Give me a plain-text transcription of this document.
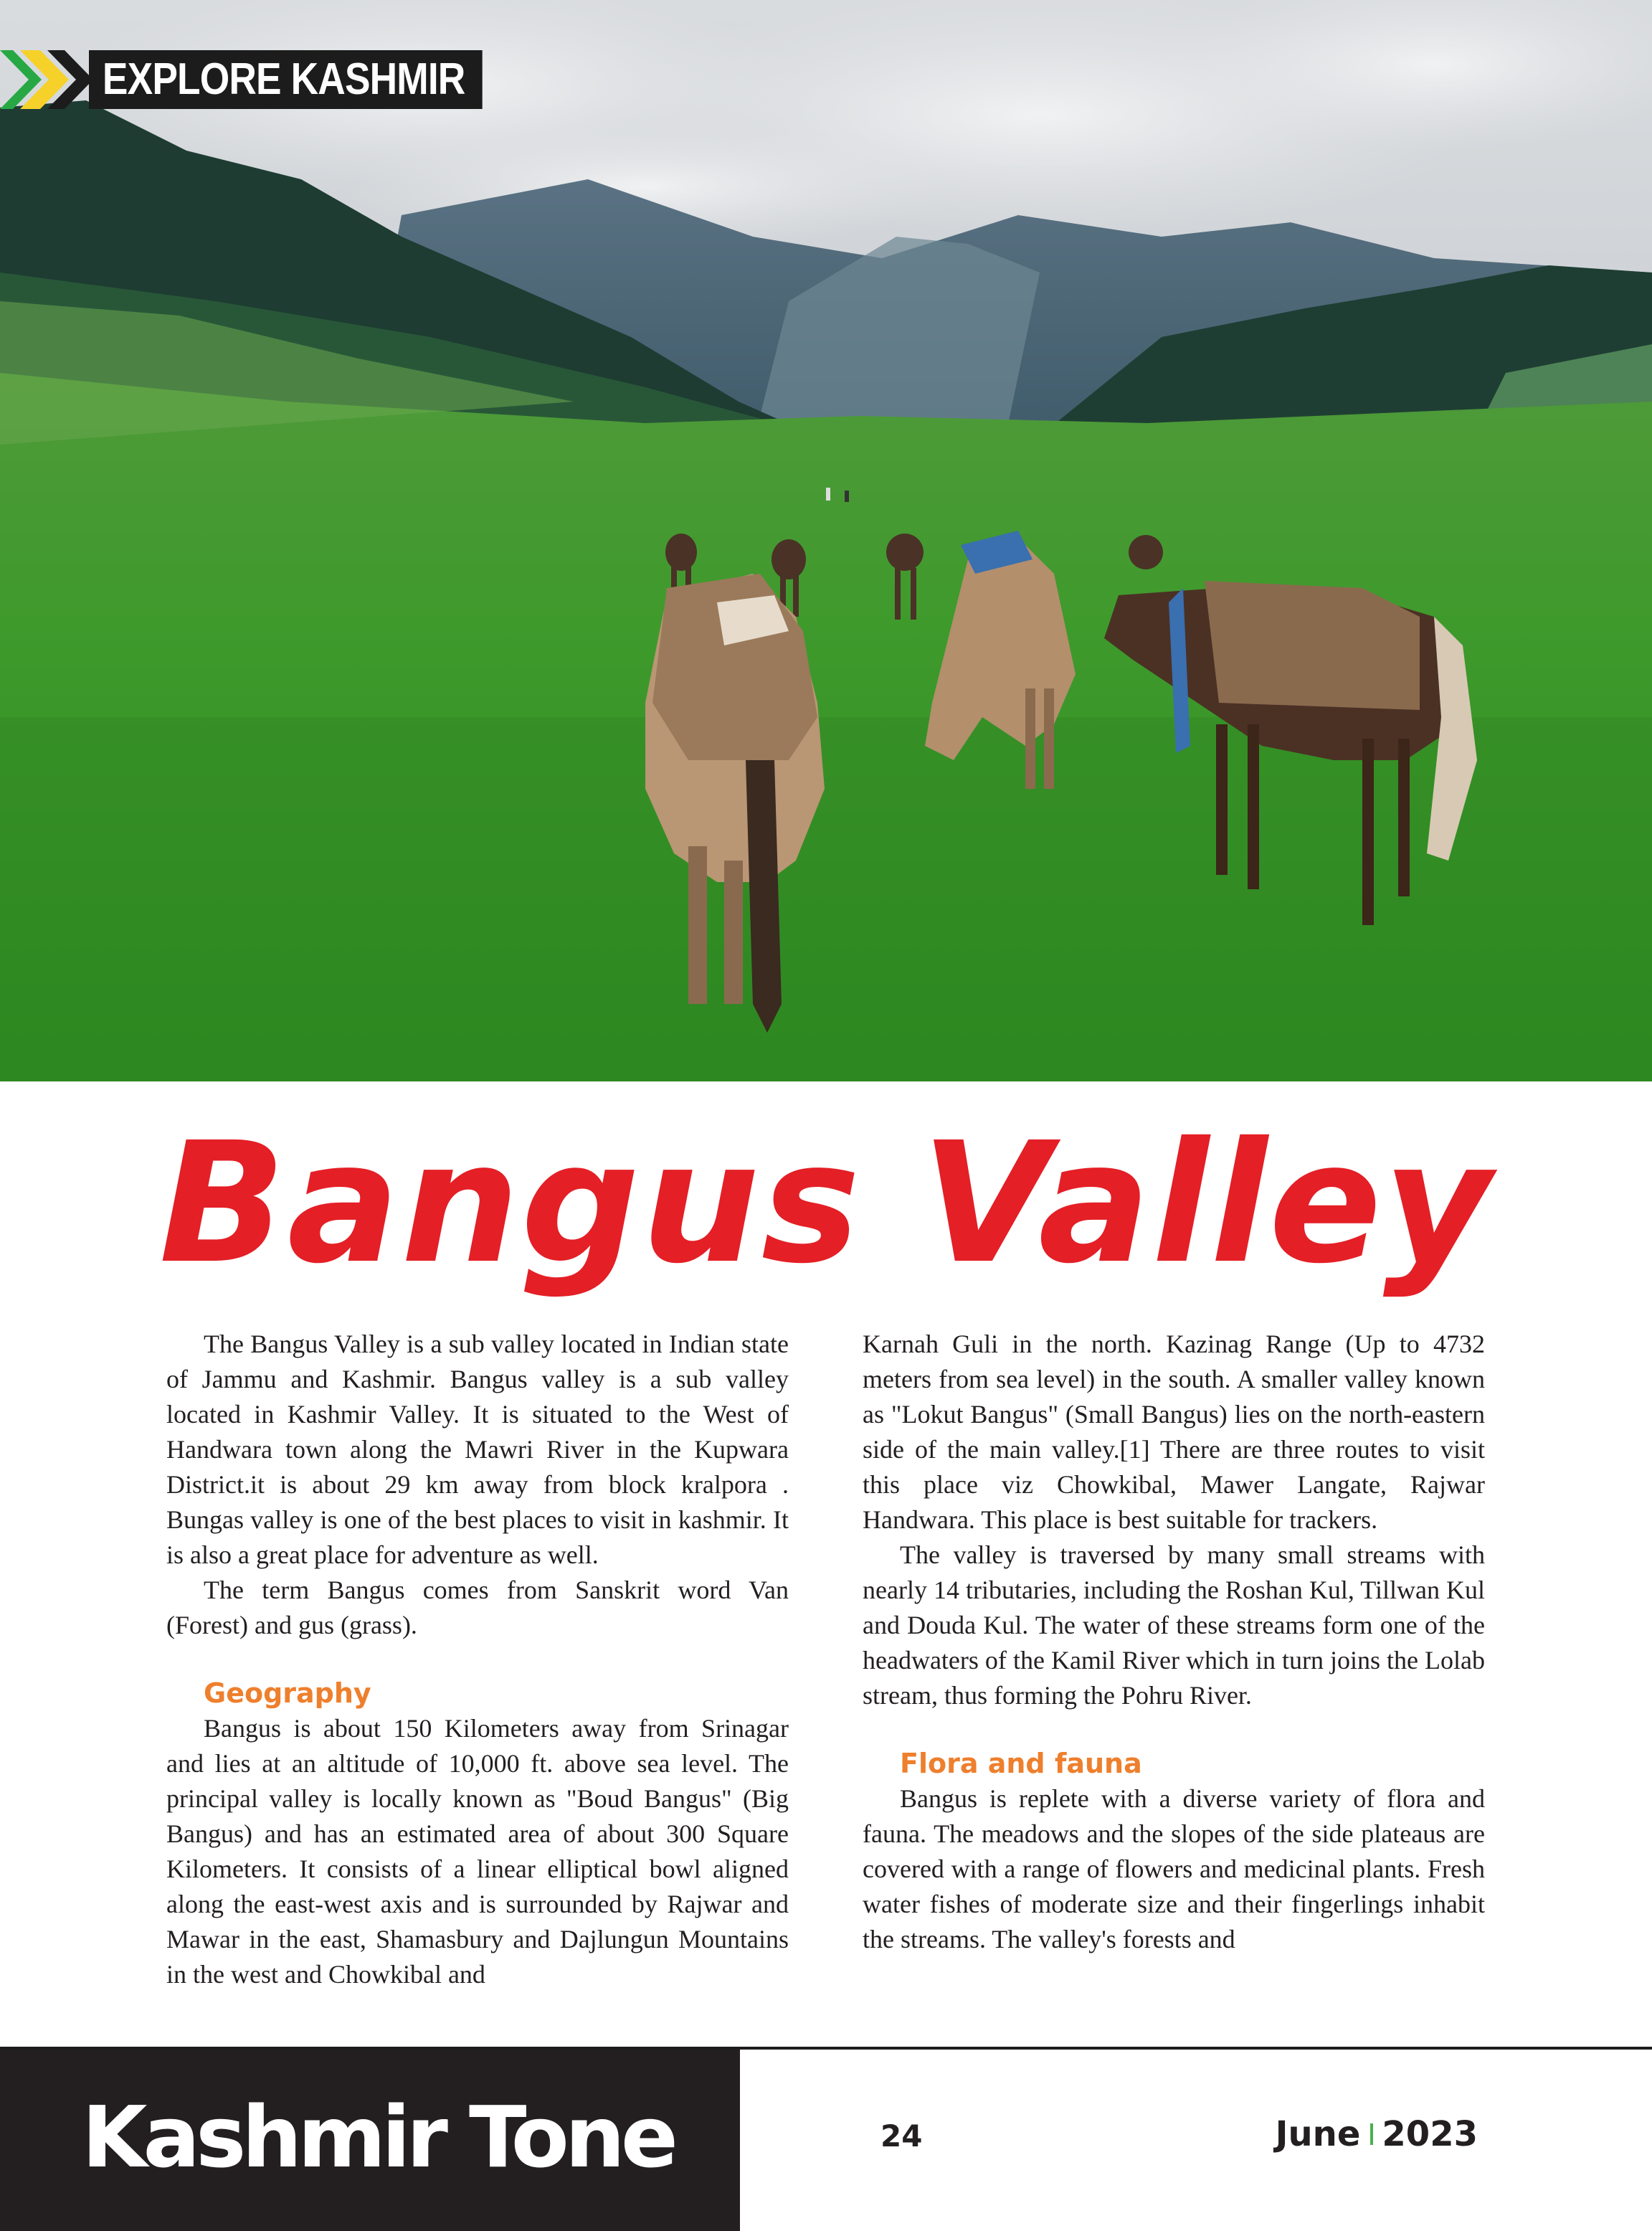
EXPLORE KASHMIR
Bangus Valley

The Bangus Valley is a sub valley located in Indian state of Jammu and Kashmir. Bangus valley is a sub valley located in Kashmir Valley. It is situated to the West of Handwara town along the Mawri River in the Kupwara District.it is about 29 km away from block kralpora . Bungas valley is one of the best places to visit in kashmir. It is also a great place for adventure as well.

The term Bangus comes from Sanskrit word Van (Forest) and gus (grass).

Geography

Bangus is about 150 Kilometers away from Srinagar and lies at an altitude of 10,000 ft. above sea level. The principal valley is locally known as "Boud Bangus" (Big Bangus) and has an estimated area of about 300 Square Kilometers. It consists of a linear elliptical bowl aligned along the east-west axis and is surrounded by Rajwar and Mawar in the east, Shamasbury and Dajlungun Mountains in the west and Chowkibal and

Karnah Guli in the north. Kazinag Range (Up to 4732 meters from sea level) in the south. A smaller valley known as "Lokut Bangus" (Small Bangus) lies on the north-eastern side of the main valley.[1] There are three routes to visit this place viz Chowkibal, Mawer Langate, Rajwar Handwara. This place is best suitable for trackers.

The valley is traversed by many small streams with nearly 14 tributaries, including the Roshan Kul, Tillwan Kul and Douda Kul. The water of these streams form one of the headwaters of the Kamil River which in turn joins the Lolab stream, thus forming the Pohru River.

Flora and fauna

Bangus is replete with a diverse variety of flora and fauna. The meadows and the slopes of the side plateaus are covered with a range of flowers and medicinal plants. Fresh water fishes of moderate size and their fingerlings inhabit the streams. The valley's forests and

Kashmir Tone	24	June 2023
